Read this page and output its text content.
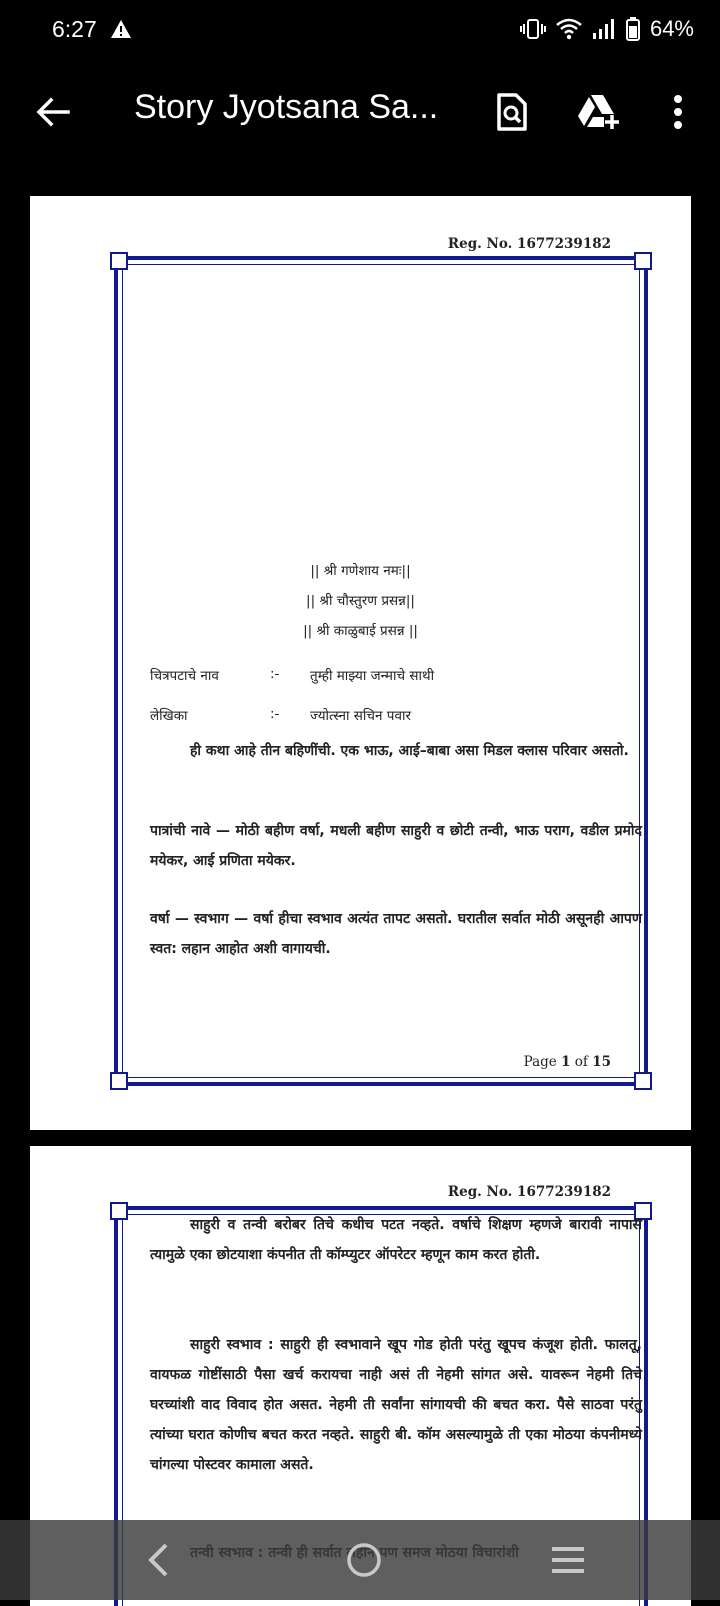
6:27	64%
Story Jyotsana Sa...
Reg. No. 1677239182
|| श्री गणेशाय नमः||
|| श्री चौस्तुरण प्रसन्न||
|| श्री काळुबाई प्रसन्न ||
चित्रपटाचे नाव	:- तुम्ही माझ्या जन्माचे साथी
लेखिका	:- ज्योत्स्ना सचिन पवार
ही कथा आहे तीन बहिणींची. एक भाऊ, आई–बाबा असा मिडल क्लास परिवार असतो.
पात्रांची नावे — मोठी बहीण वर्षा, मधली बहीण साहुरी व छोटी तन्वी, भाऊ पराग, वडील प्रमोद मयेकर, आई प्रणिता मयेकर.
वर्षा — स्वभाग — वर्षा हीचा स्वभाव अत्यंत तापट असतो. घरातील सर्वात मोठी असूनही आपण स्वत: लहान आहोत अशी वागायची.
Page 1 of 15
Reg. No. 1677239182
साहुरी व तन्वी बरोबर तिचे कधीच पटत नव्हते. वर्षाचे शिक्षण म्हणजे बारावी नापास त्यामुळे एका छोटयाशा कंपनीत ती कॉम्प्युटर ऑपरेटर म्हणून काम करत होती.
साहुरी स्वभाव : साहुरी ही स्वभावाने खूप गोड होती परंतु खूपच कंजूश होती. फालतू, वायफळ गोष्टींसाठी पैसा खर्च करायचा नाही असं ती नेहमी सांगत असे. यावरून नेहमी तिचे घरच्यांशी वाद विवाद होत असत. नेहमी ती सर्वांना सांगायची की बचत करा. पैसे साठवा परंतु त्यांच्या घरात कोणीच बचत करत नव्हते. साहुरी बी. कॉम असल्यामुळे ती एका मोठया कंपनीमध्ये चांगल्या पोस्टवर कामाला असते.
